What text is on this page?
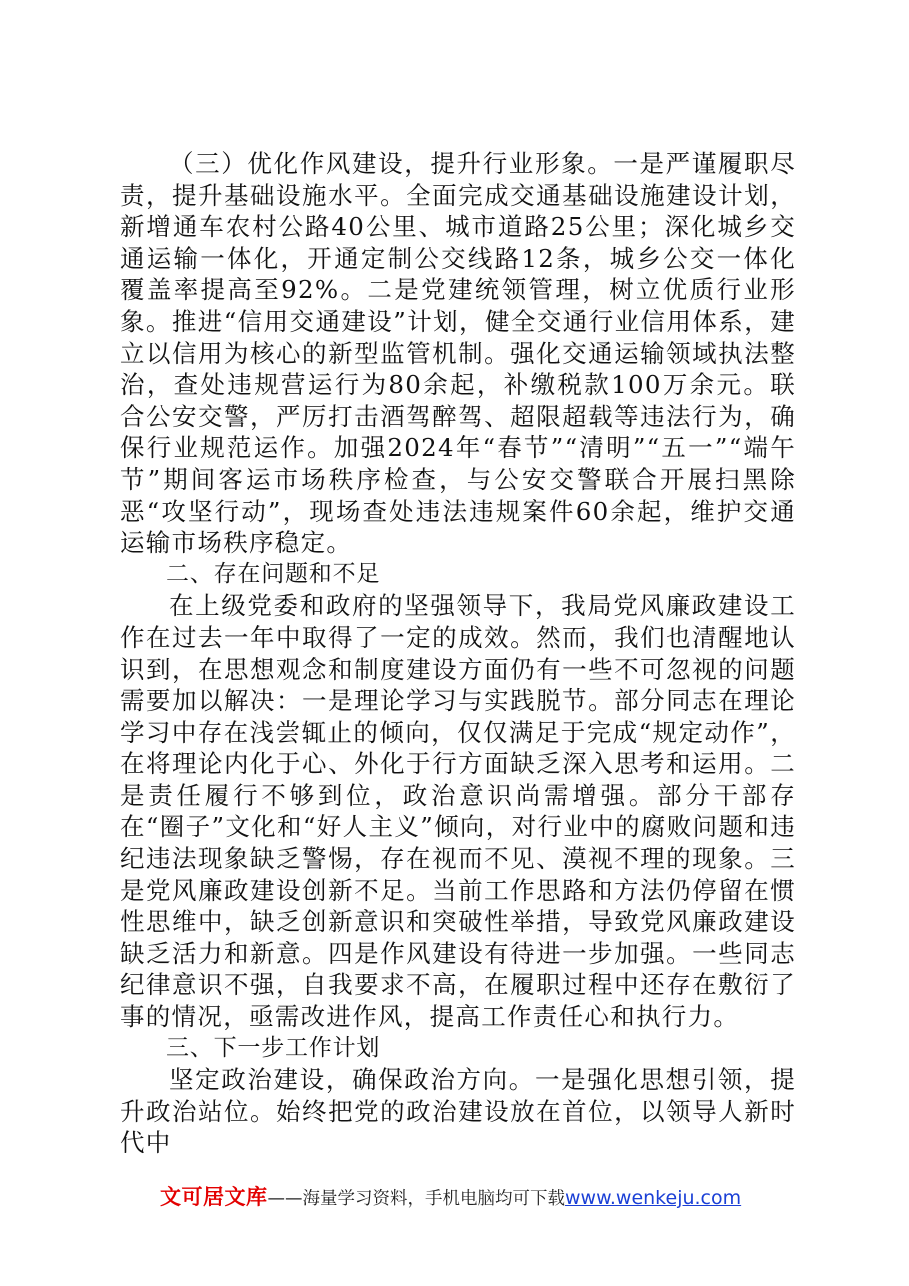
（三）优化作风建设，提升行业形象。一是严谨履职尽责，提升基础设施水平。全面完成交通基础设施建设计划，新增通车农村公路40公里、城市道路25公里；深化城乡交通运输一体化，开通定制公交线路12条，城乡公交一体化覆盖率提高至92%。二是党建统领管理，树立优质行业形象。推进“信用交通建设”计划，健全交通行业信用体系，建立以信用为核心的新型监管机制。强化交通运输领域执法整治，查处违规营运行为80余起，补缴税款100万余元。联合公安交警，严厉打击酒驾醉驾、超限超载等违法行为，确保行业规范运作。加强2024年“春节”“清明”“五一”“端午节”期间客运市场秩序检查，与公安交警联合开展扫黑除恶“攻坚行动”，现场查处违法违规案件60余起，维护交通运输市场秩序稳定。

二、存在问题和不足

在上级党委和政府的坚强领导下，我局党风廉政建设工作在过去一年中取得了一定的成效。然而，我们也清醒地认识到，在思想观念和制度建设方面仍有一些不可忽视的问题需要加以解决：一是理论学习与实践脱节。部分同志在理论学习中存在浅尝辄止的倾向，仅仅满足于完成“规定动作”，在将理论内化于心、外化于行方面缺乏深入思考和运用。二是责任履行不够到位，政治意识尚需增强。部分干部存在“圈子”文化和“好人主义”倾向，对行业中的腐败问题和违纪违法现象缺乏警惕，存在视而不见、漠视不理的现象。三是党风廉政建设创新不足。当前工作思路和方法仍停留在惯性思维中，缺乏创新意识和突破性举措，导致党风廉政建设缺乏活力和新意。四是作风建设有待进一步加强。一些同志纪律意识不强，自我要求不高，在履职过程中还存在敷衍了事的情况，亟需改进作风，提高工作责任心和执行力。

三、下一步工作计划

坚定政治建设，确保政治方向。一是强化思想引领，提升政治站位。始终把党的政治建设放在首位，以领导人新时代中

文可居文库——海量学习资料，手机电脑均可下载www.wenkeju.com
